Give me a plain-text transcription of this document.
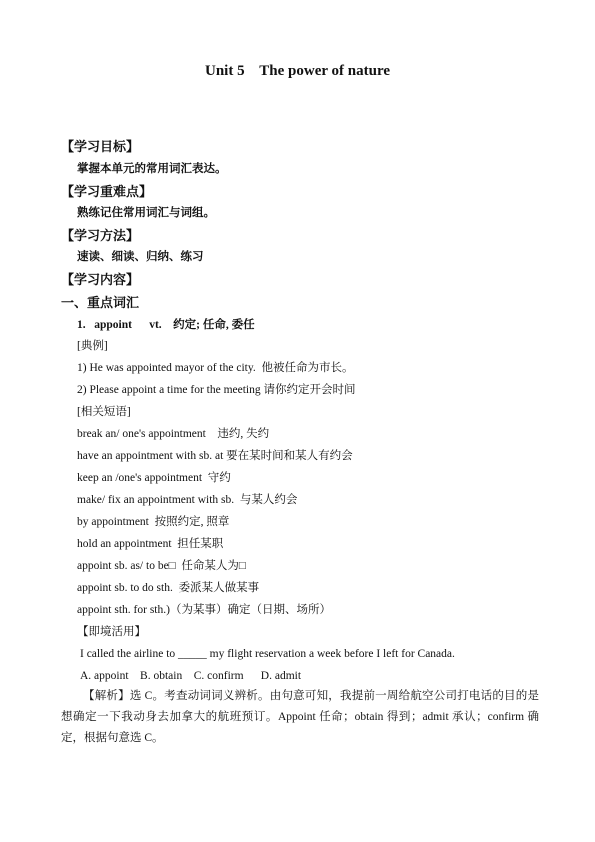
Unit 5    The power of nature
【学习目标】
掌握本单元的常用词汇表达。
【学习重难点】
熟练记住常用词汇与词组。
【学习方法】
速读、细读、归纳、练习
【学习内容】
一、重点词汇
1.   appoint      vt.    约定; 任命, 委任
[典例]
1) He was appointed mayor of the city.  他被任命为市长。
2) Please appoint a time for the meeting 请你约定开会时间
[相关短语]
break an/ one's appointment    违约, 失约
have an appointment with sb. at 要在某时间和某人有约会
keep an /one's appointment  守约
make/ fix an appointment with sb.  与某人约会
by appointment  按照约定, 照章
hold an appointment  担任某职
appoint sb. as/ to be□  任命某人为□
appoint sb. to do sth.  委派某人做某事
appoint sth. for sth.)（为某事）确定（日期、场所）
【即境活用】
I called the airline to _____ my flight reservation a week before I left for Canada.
A. appoint    B. obtain    C. confirm      D. admit
【解析】选 C。考查动词词义辨析。由句意可知，我提前一周给航空公司打电话的目的是想确定一下我动身去加拿大的航班预订。Appoint 任命；obtain 得到；admit 承认；confirm 确定，根据句意选 C。
